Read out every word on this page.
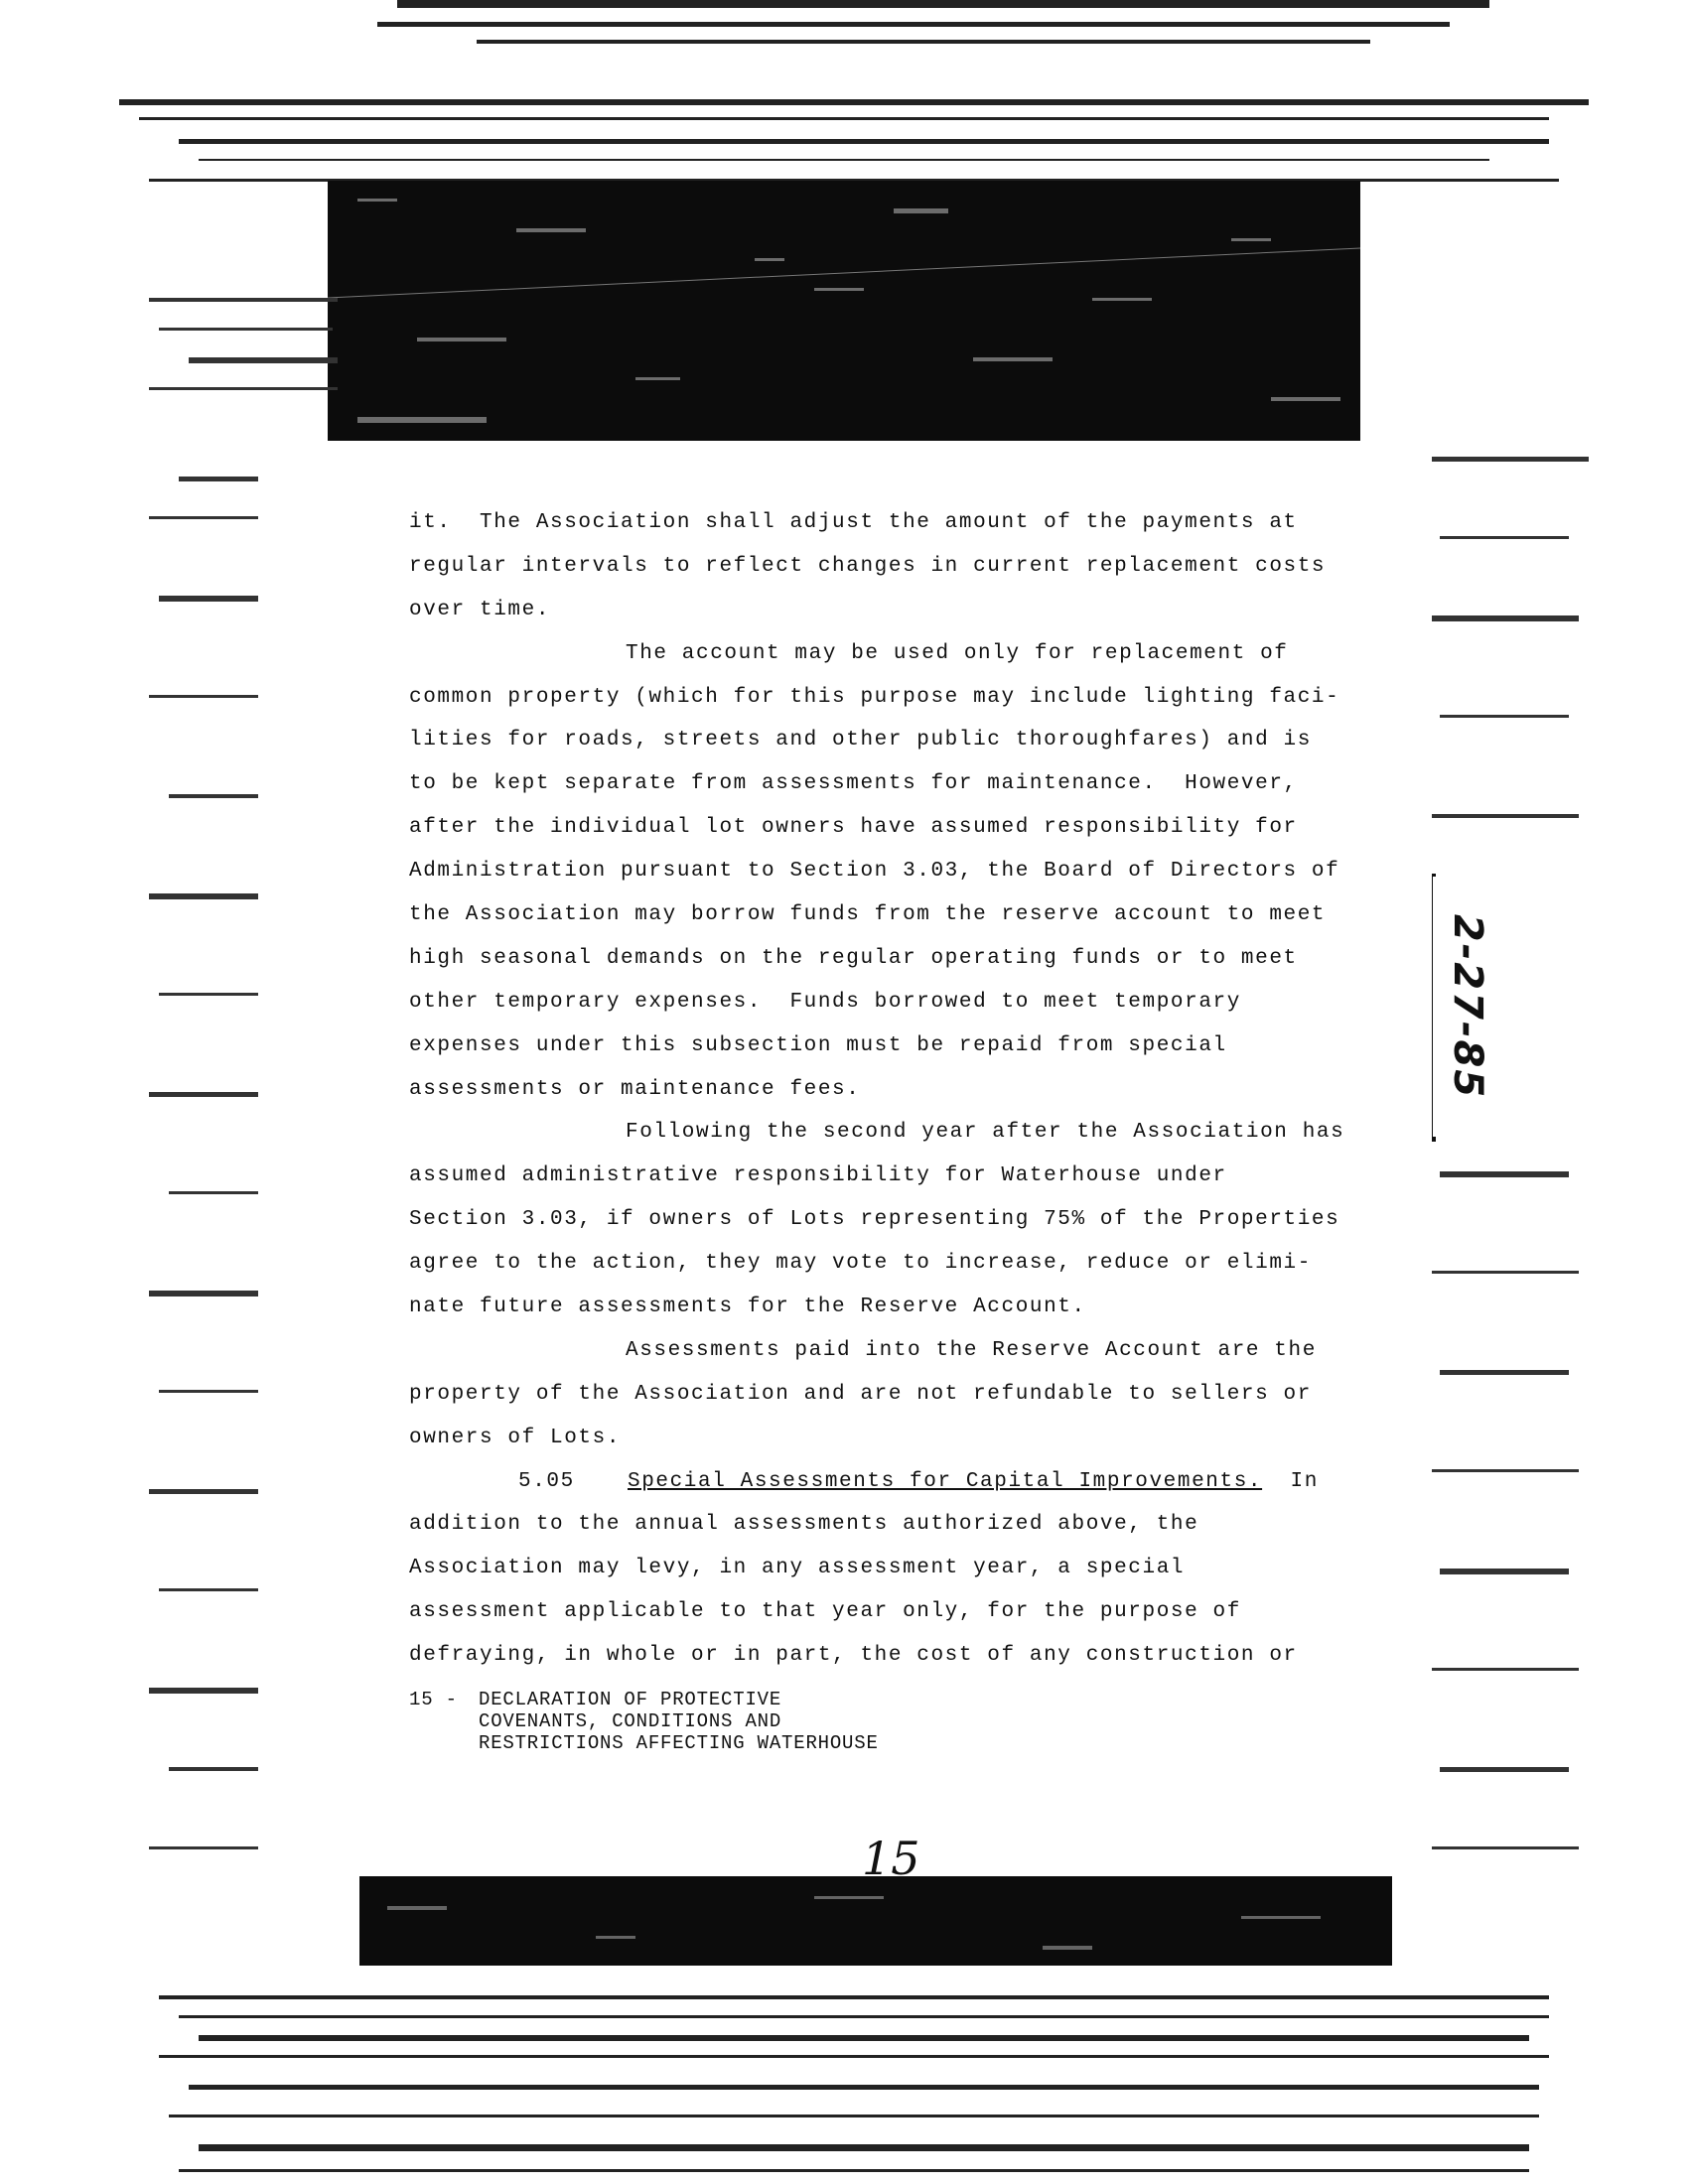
it.  The Association shall adjust the amount of the payments at
regular intervals to reflect changes in current replacement costs
over time.
The account may be used only for replacement of
common property (which for this purpose may include lighting faci-
lities for roads, streets and other public thoroughfares) and is
to be kept separate from assessments for maintenance.  However,
after the individual lot owners have assumed responsibility for
Administration pursuant to Section 3.03, the Board of Directors of
the Association may borrow funds from the reserve account to meet
high seasonal demands on the regular operating funds or to meet
other temporary expenses.  Funds borrowed to meet temporary
expenses under this subsection must be repaid from special
assessments or maintenance fees.
Following the second year after the Association has
assumed administrative responsibility for Waterhouse under
Section 3.03, if owners of Lots representing 75% of the Properties
agree to the action, they may vote to increase, reduce or elimi-
nate future assessments for the Reserve Account.
Assessments paid into the Reserve Account are the
property of the Association and are not refundable to sellers or
owners of Lots.
5.05	Special Assessments for Capital Improvements.  In
addition to the annual assessments authorized above, the
Association may levy, in any assessment year, a special
assessment applicable to that year only, for the purpose of
defraying, in whole or in part, the cost of any construction or
15 - DECLARATION OF PROTECTIVE
COVENANTS, CONDITIONS AND
RESTRICTIONS AFFECTING WATERHOUSE
15
2-27-85
